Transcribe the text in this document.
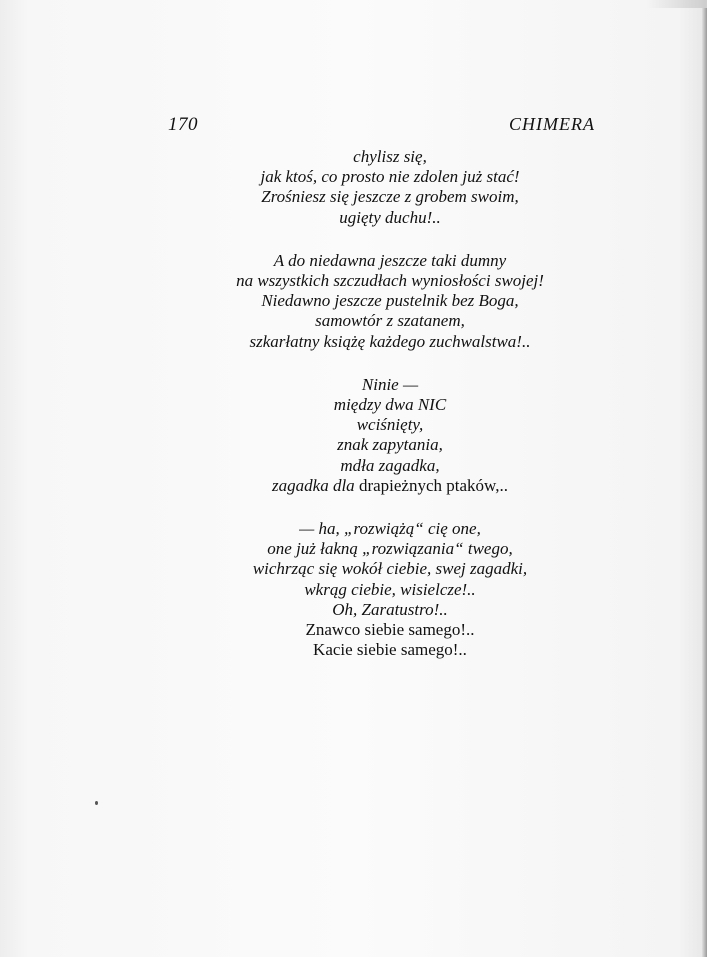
170	CHIMERA
chylisz się,
jak ktoś, co prosto nie zdolen już stać!
Zrośniesz się jeszcze z grobem swoim,
ugięty duchu!..
A do niedawna jeszcze taki dumny
na wszystkich szczudłach wyniosłości swojej!
Niedawno jeszcze pustelnik bez Boga,
samowtór z szatanem,
szkarłatny książę każdego zuchwalstwa!..
Ninie —
między dwa NIC
wciśnięty,
znak zapytania,
mdła zagadka,
zagadka dla drapieżnych ptaków,..
— ha, „rozwiążą“ cię one,
one już łakną „rozwiązania“ twego,
wichrząc się wokół ciebie, swej zagadki,
wkrąg ciebie, wisielcze!..
Oh, Zaratustro!..
Znawco siebie samego!..
Kacie siebie samego!..
